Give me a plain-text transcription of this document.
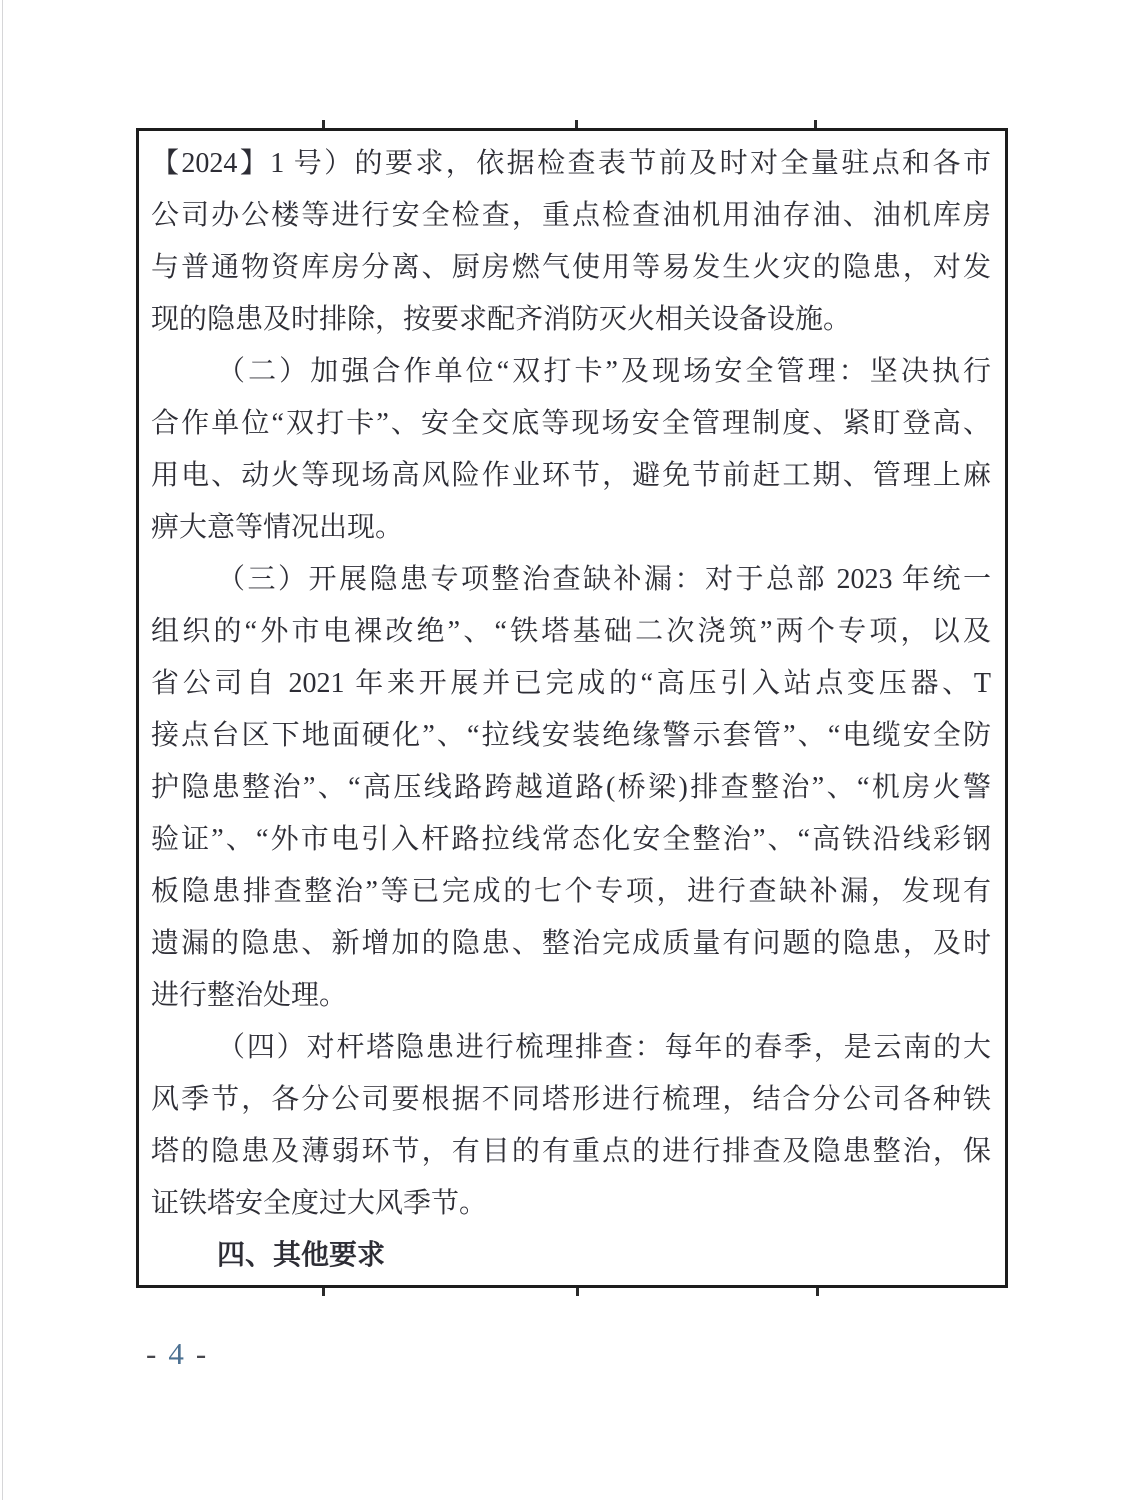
【2024】1 号）的要求，依据检查表节前及时对全量驻点和各市
公司办公楼等进行安全检查，重点检查油机用油存油、油机库房
与普通物资库房分离、厨房燃气使用等易发生火灾的隐患，对发
现的隐患及时排除，按要求配齐消防灭火相关设备设施。
（二）加强合作单位“双打卡”及现场安全管理：坚决执行
合作单位“双打卡”、安全交底等现场安全管理制度、紧盯登高、
用电、动火等现场高风险作业环节，避免节前赶工期、管理上麻
痹大意等情况出现。
（三）开展隐患专项整治查缺补漏：对于总部 2023 年统一
组织的“外市电裸改绝”、“铁塔基础二次浇筑”两个专项，以及
省公司自 2021 年来开展并已完成的“高压引入站点变压器、T
接点台区下地面硬化”、“拉线安装绝缘警示套管”、“电缆安全防
护隐患整治”、“高压线路跨越道路(桥梁)排查整治”、“机房火警
验证”、“外市电引入杆路拉线常态化安全整治”、“高铁沿线彩钢
板隐患排查整治”等已完成的七个专项，进行查缺补漏，发现有
遗漏的隐患、新增加的隐患、整治完成质量有问题的隐患，及时
进行整治处理。
（四）对杆塔隐患进行梳理排查：每年的春季，是云南的大
风季节，各分公司要根据不同塔形进行梳理，结合分公司各种铁
塔的隐患及薄弱环节，有目的有重点的进行排查及隐患整治，保
证铁塔安全度过大风季节。
四、其他要求
- 4 -
